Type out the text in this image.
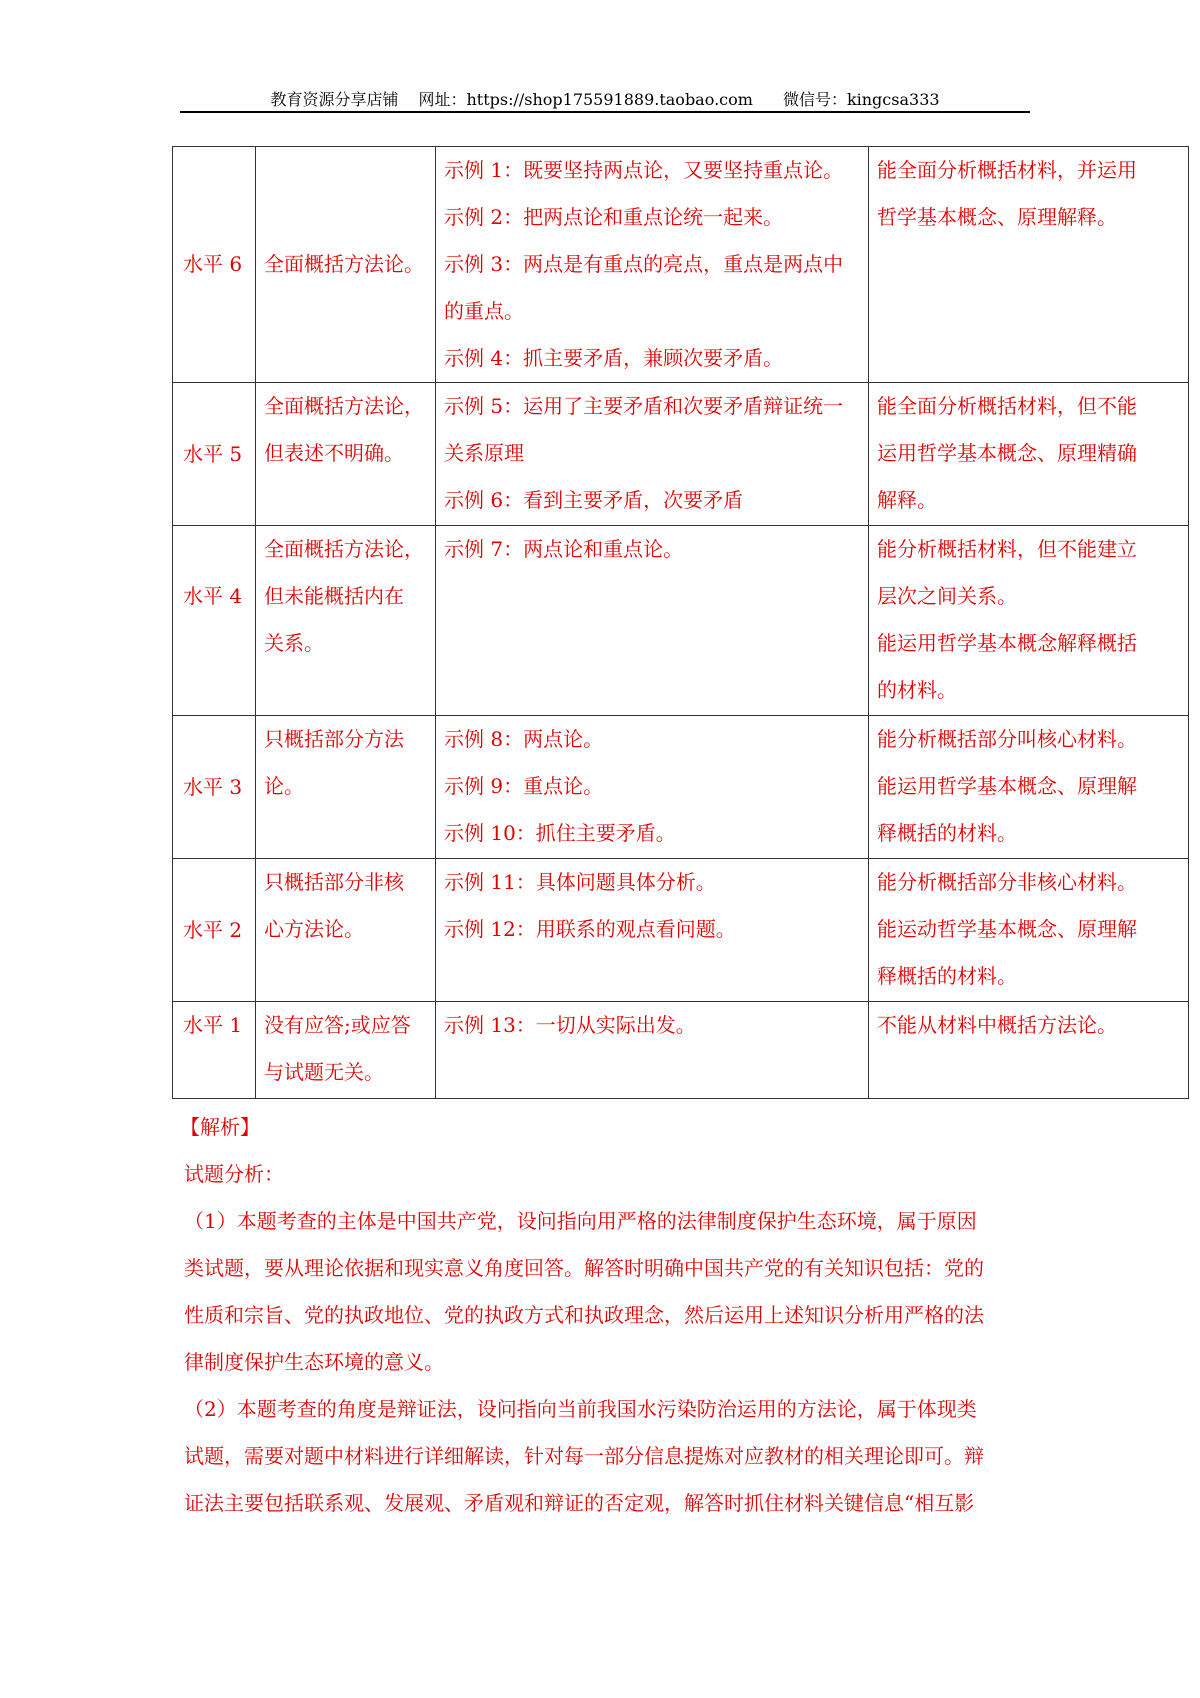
教育资源分享店铺 网址：https://shop175591889.taobao.com 微信号：kingcsa333
水平 6	全面概括方法论。	示例 1：既要坚持两点论，又要坚持重点论。
示例 2：把两点论和重点论统一起来。
示例 3：两点是有重点的亮点，重点是两点中
的重点。
示例 4：抓主要矛盾，兼顾次要矛盾。	能全面分析概括材料，并运用
哲学基本概念、原理解释。

水平 5	全面概括方法论，
但表述不明确。	示例 5：运用了主要矛盾和次要矛盾辩证统一
关系原理
示例 6：看到主要矛盾，次要矛盾	能全面分析概括材料，但不能
运用哲学基本概念、原理精确
解释。

水平 4	全面概括方法论，
但未能概括内在
关系。	示例 7：两点论和重点论。	能分析概括材料，但不能建立
层次之间关系。
能运用哲学基本概念解释概括
的材料。

水平 3	只概括部分方法
论。	示例 8：两点论。
示例 9：重点论。
示例 10：抓住主要矛盾。	能分析概括部分叫核心材料。
能运用哲学基本概念、原理解
释概括的材料。

水平 2	只概括部分非核
心方法论。	示例 11：具体问题具体分析。
示例 12：用联系的观点看问题。	能分析概括部分非核心材料。
能运动哲学基本概念、原理解
释概括的材料。

水平 1	没有应答;或应答
与试题无关。	示例 13：一切从实际出发。	不能从材料中概括方法论。
【解析】
试题分析：
（1）本题考查的主体是中国共产党，设问指向用严格的法律制度保护生态环境，属于原因
类试题，要从理论依据和现实意义角度回答。解答时明确中国共产党的有关知识包括：党的
性质和宗旨、党的执政地位、党的执政方式和执政理念，然后运用上述知识分析用严格的法
律制度保护生态环境的意义。
（2）本题考查的角度是辩证法，设问指向当前我国水污染防治运用的方法论，属于体现类
试题，需要对题中材料进行详细解读，针对每一部分信息提炼对应教材的相关理论即可。辩
证法主要包括联系观、发展观、矛盾观和辩证的否定观，解答时抓住材料关键信息“相互影
